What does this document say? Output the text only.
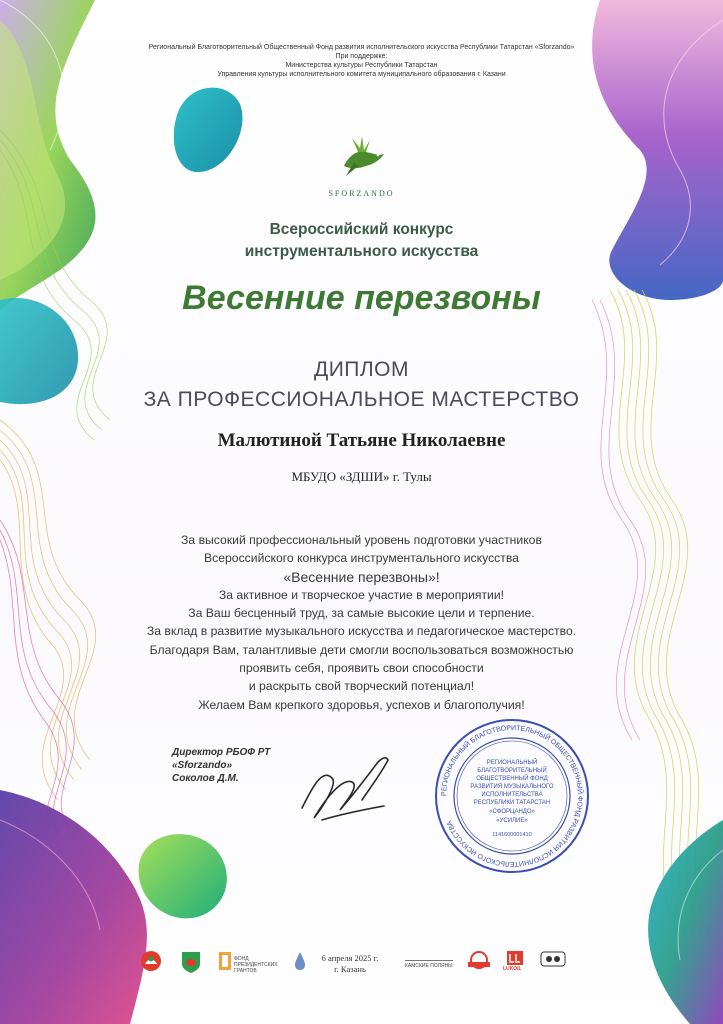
Региональный Благотворительный Общественный Фонд развития исполнительского искусства Республики Татарстан «Sforzando»
При поддержке:
Министерства культуры Республики Татарстан
Управления культуры исполнительного комитета муниципального образования г. Казани
SFORZANDO
Всероссийский конкурс
инструментального искусства
Весенние перезвоны
ДИПЛОМ
ЗА ПРОФЕССИОНАЛЬНОЕ МАСТЕРСТВО
Малютиной Татьяне Николаевне
МБУДО «ЗДШИ» г. Тулы
За высокий профессиональный уровень подготовки участников
Всероссийского конкурса инструментального искусства
«Весенние перезвоны»!
За активное и творческое участие в мероприятии!
За Ваш бесценный труд, за самые высокие цели и терпение.
За вклад в развитие музыкального искусства и педагогическое мастерство.
Благодаря Вам, талантливые дети смогли воспользоваться возможностью
проявить себя, проявить свои способности
и раскрыть свой творческий потенциал!
Желаем Вам крепкого здоровья, успехов и благополучия!
Директор РБОФ РТ
«Sforzando»
Соколов Д.М.
РЕГИОНАЛЬНЫЙ БЛАГОТВОРИТЕЛЬНЫЙ ОБЩЕСТВЕННЫЙ ФОНД РАЗВИТИЯ ИСПОЛНИТЕЛЬСКОГО ИСКУССТВА
РЕГИОНАЛЬНЫЙ
БЛАГОТВОРИТЕЛЬНЫЙ
ОБЩЕСТВЕННЫЙ ФОНД
РАЗВИТИЯ МУЗЫКАЛЬНОГО
ИСПОЛНИТЕЛЬСТВА
РЕСПУБЛИКИ ТАТАРСТАН
«СФОРЦАНДО»
«УСИЛИЕ»
1141600001410
ФОНД ПРЕЗИДЕНТСКИХ ГРАНТОВ
6 апреля 2025 г.
г. Казань	КАМСКИЕ ПОЛЯНЫ	LUKOIL
